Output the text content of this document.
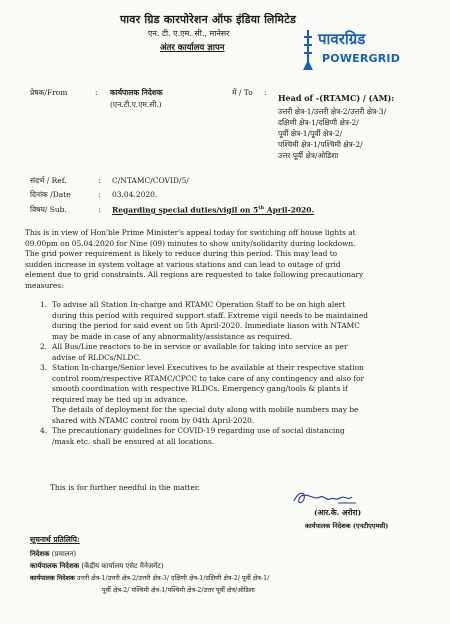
पावर ग्रिड कारपोरेशन ऑफ इंडिया लिमिटेड
एन. टी. ए.एम. सी., मानेसर
अंतर कार्यालय ज्ञापन	पावरग्रिड
POWERGRID
प्रेषक/From	: कार्यपालक निदेशक
(एन.टी.ए.एम.सी.)
में / To :
Head of -(RTAMC) / (AM):
उत्तरी क्षेत्र-1/उत्तरी क्षेत्र-2/उत्तरी क्षेत्र-3/
दक्षिणी क्षेत्र-1/दक्षिणी क्षेत्र-2/
पूर्वी क्षेत्र-1/पूर्वी क्षेत्र-2/
पश्चिमी क्षेत्र-1/पश्चिमी क्षेत्र-2/
उत्तर पूर्वी क्षेत्र/ओडिशा
संदर्भ / Ref.	: C/NTAMC/COVID/5/
दिनांक /Date	: 03.04.2020.
विषय/ Sub.	: Regarding special duties/vigil on 5th April-2020.
This is in view of Hon'ble Prime Minister's appeal today for switching off house lights at
09.00pm on 05.04.2020 for Nine (09) minutes to show unity/solidarity during lockdown.
The grid power requirement is likely to reduce during this period. This may lead to
sudden increase in system voltage at various stations and can lead to outage of grid
element due to grid constraints. All regions are requested to take following precautionary
measures:
1. To advise all Station In-charge and RTAMC Operation Staff to be on high alert

during this period with required support staff. Extreme vigil needs to be maintained

during the period for said event on 5th April-2020. Immediate liason with NTAMC

may be made in case of any abnormality/assistance as required.

2. All Bus/Line reactors to be in service or available for taking into service as per

advise of RLDCs/NLDC.

3. Station In-charge/Senior level Executives to be available at their respective station

control room/respective RTAMC/CPCC to take care of any contingency and also for

smooth coordination with respective RLDCs. Emergency gang/tools & plants if

required may be tied up in advance.

The details of deployment for the special duty along with mobile numbers may be

shared with NTAMC control room by 04th April-2020.

4. The precautionary guidelines for COVID-19 regarding use of social distancing

/mask etc. shall be ensured at all locations.

This is for further needful in the matter.
(आर.के. अरोरा)
कार्यपालक निदेशक (एनटीएएमसी)
सूचनार्थ प्रतिलिपि:
निदेशक (प्रचालन)
कार्यपालक निदेशक (केंद्रीय कार्यालय एसेट मैनेजमेंट)
कार्यपालक निदेशक उत्तरी क्षेत्र-1/उत्तरी क्षेत्र-2/उत्तरी क्षेत्र-3/ दक्षिणी क्षेत्र-1/दक्षिणी क्षेत्र-2/ पूर्वी क्षेत्र-1/
पूर्वी क्षेत्र-2/ पश्चिमी क्षेत्र-1/पश्चिमी क्षेत्र-2/उत्तर पूर्वी क्षेत्र/ओडिशा
